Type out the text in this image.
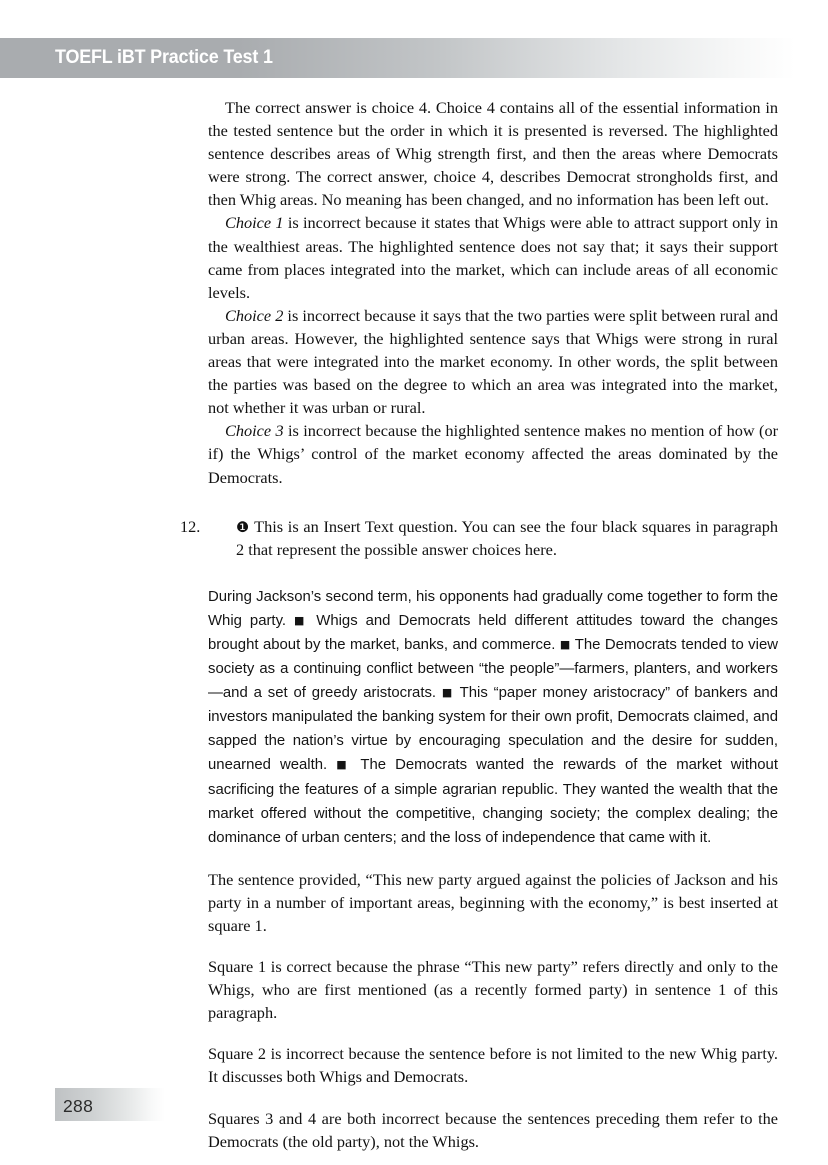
TOEFL iBT Practice Test 1

The correct answer is choice 4. Choice 4 contains all of the essential information in the tested sentence but the order in which it is presented is reversed. The highlighted sentence describes areas of Whig strength first, and then the areas where Democrats were strong. The correct answer, choice 4, describes Democrat strongholds first, and then Whig areas. No meaning has been changed, and no information has been left out.

Choice 1 is incorrect because it states that Whigs were able to attract support only in the wealthiest areas. The highlighted sentence does not say that; it says their support came from places integrated into the market, which can include areas of all economic levels.

Choice 2 is incorrect because it says that the two parties were split between rural and urban areas. However, the highlighted sentence says that Whigs were strong in rural areas that were integrated into the market economy. In other words, the split between the parties was based on the degree to which an area was integrated into the market, not whether it was urban or rural.

Choice 3 is incorrect because the highlighted sentence makes no mention of how (or if) the Whigs’ control of the market economy affected the areas dominated by the Democrats.

12.	❶ This is an Insert Text question. You can see the four black squares in paragraph 2 that represent the possible answer choices here.

During Jackson’s second term, his opponents had gradually come together to form the Whig party. ■ Whigs and Democrats held different attitudes toward the changes brought about by the market, banks, and commerce. ■ The Democrats tended to view society as a continuing conflict between “the people”—farmers, planters, and workers—and a set of greedy aristocrats. ■ This “paper money aristocracy” of bankers and investors manipulated the banking system for their own profit, Democrats claimed, and sapped the nation’s virtue by encouraging speculation and the desire for sudden, unearned wealth. ■ The Democrats wanted the rewards of the market without sacrificing the features of a simple agrarian republic. They wanted the wealth that the market offered without the competitive, changing society; the complex dealing; the dominance of urban centers; and the loss of independence that came with it.

The sentence provided, “This new party argued against the policies of Jackson and his party in a number of important areas, beginning with the economy,” is best inserted at square 1.

Square 1 is correct because the phrase “This new party” refers directly and only to the Whigs, who are first mentioned (as a recently formed party) in sentence 1 of this paragraph.

Square 2 is incorrect because the sentence before is not limited to the new Whig party. It discusses both Whigs and Democrats.

Squares 3 and 4 are both incorrect because the sentences preceding them refer to the Democrats (the old party), not the Whigs.

288
